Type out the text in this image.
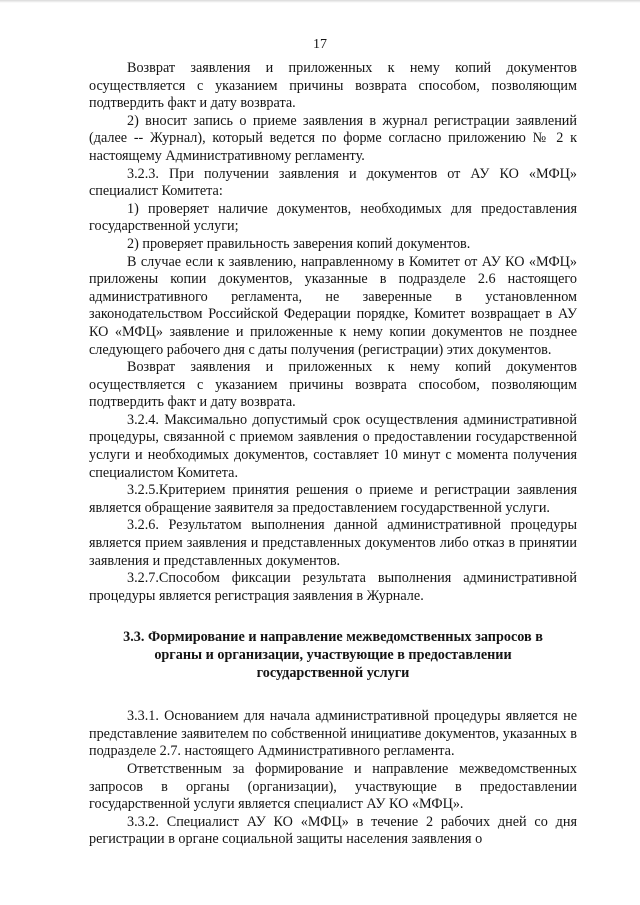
17

Возврат заявления и приложенных к нему копий документов осуществляется с указанием причины возврата способом, позволяющим подтвердить факт и дату возврата.

2) вносит запись о приеме заявления в журнал регистрации заявлений (далее -- Журнал), который ведется по форме согласно приложению № 2 к настоящему Административному регламенту.

3.2.3. При получении заявления и документов от АУ КО «МФЦ» специалист Комитета:

1) проверяет наличие документов, необходимых для предоставления государственной услуги;

2) проверяет правильность заверения копий документов.

В случае если к заявлению, направленному в Комитет от АУ КО «МФЦ» приложены копии документов, указанные в подразделе 2.6 настоящего административного регламента, не заверенные в установленном законодательством Российской Федерации порядке, Комитет возвращает в АУ КО «МФЦ» заявление и приложенные к нему копии документов не позднее следующего рабочего дня с даты получения (регистрации) этих документов.

Возврат заявления и приложенных к нему копий документов осуществляется с указанием причины возврата способом, позволяющим подтвердить факт и дату возврата.

3.2.4. Максимально допустимый срок осуществления административной процедуры, связанной с приемом заявления о предоставлении государственной услуги и необходимых документов, составляет 10 минут с момента получения специалистом Комитета.

3.2.5.Критерием принятия решения о приеме и регистрации заявления является обращение заявителя за предоставлением государственной услуги.

3.2.6. Результатом выполнения данной административной процедуры является прием заявления и представленных документов либо отказ в принятии заявления и представленных документов.

3.2.7.Способом фиксации результата выполнения административной процедуры является регистрация заявления в Журнале.

3.3. Формирование и направление межведомственных запросов в органы и организации, участвующие в предоставлении государственной услуги

3.3.1. Основанием для начала административной процедуры является не представление заявителем по собственной инициативе документов, указанных в подразделе 2.7. настоящего Административного регламента.

Ответственным за формирование и направление межведомственных запросов в органы (организации), участвующие в предоставлении государственной услуги является специалист АУ КО «МФЦ».

3.3.2. Специалист АУ КО «МФЦ» в течение 2 рабочих дней со дня регистрации в органе социальной защиты населения заявления о
